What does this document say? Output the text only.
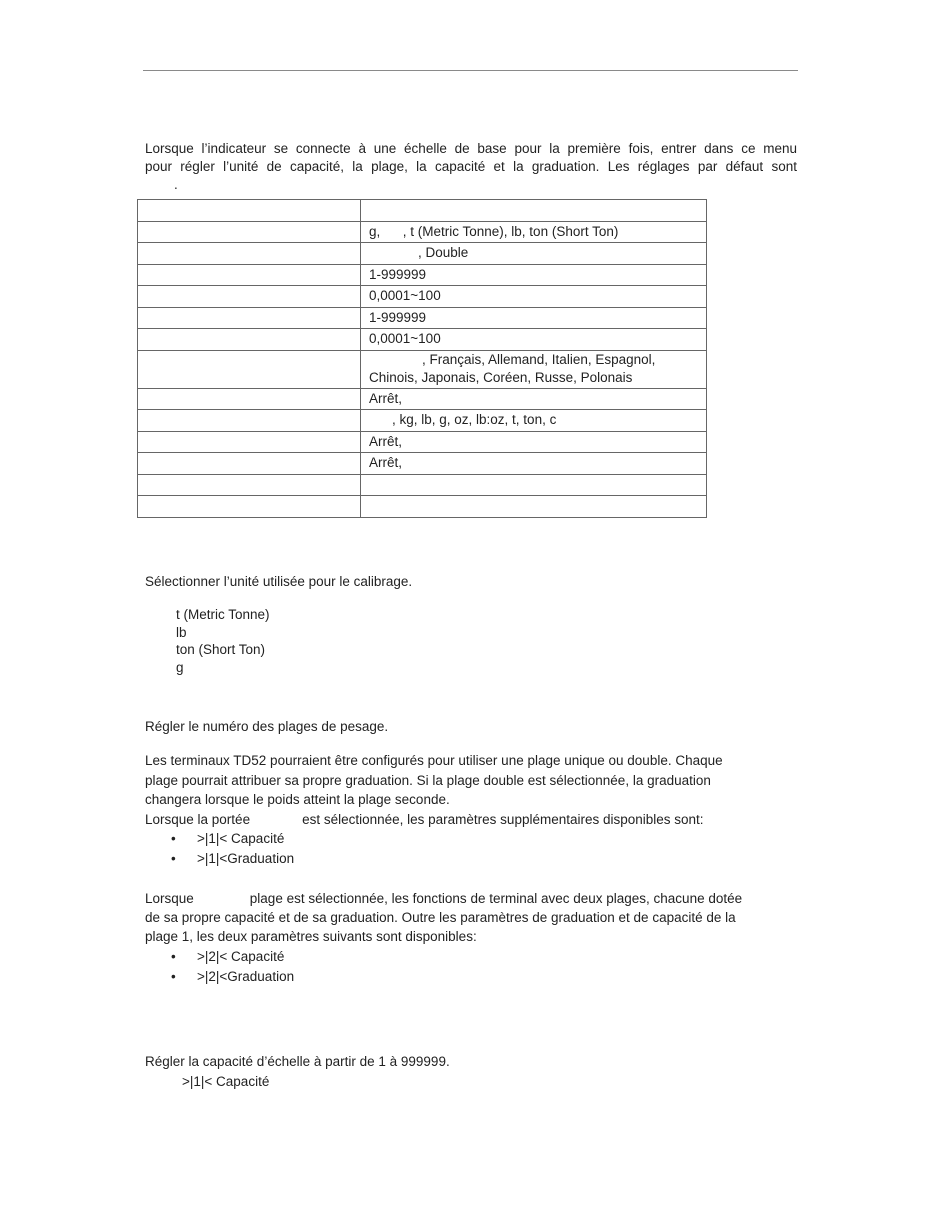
Lorsque l’indicateur se connecte à une échelle de base pour la première fois, entrer dans ce menu
pour régler l’unité de capacité, la plage, la capacité et la graduation. Les réglages par défaut sont
.

	g,      , t (Metric Tonne), lb, ton (Short Ton)
	, Double
	1-999999
	0,0001~100
	1-999999
	0,0001~100

	, Français, Allemand, Italien, Espagnol,
Chinois, Japonais, Coréen, Russe, Polonais

	Arrêt,
	, kg, lb, g, oz, lb:oz, t, ton, c
	Arrêt,
	Arrêt,

Sélectionner l’unité utilisée pour le calibrage.
t (Metric Tonne)
lb
ton (Short Ton)
g
Régler le numéro des plages de pesage.
Les terminaux TD52 pourraient être configurés pour utiliser une plage unique ou double. Chaque
plage pourrait attribuer sa propre graduation. Si la plage double est sélectionnée, la graduation
changera lorsque le poids atteint la plage seconde.
Lorsque la portée	est sélectionnée, les paramètres supplémentaires disponibles sont:
• >|1|< Capacité
• >|1|<Graduation
Lorsque	plage est sélectionnée, les fonctions de terminal avec deux plages, chacune dotée
de sa propre capacité et de sa graduation. Outre les paramètres de graduation et de capacité de la
plage 1, les deux paramètres suivants sont disponibles:
• >|2|< Capacité
• >|2|<Graduation
Régler la capacité d’échelle à partir de 1 à 999999.
>|1|< Capacité
